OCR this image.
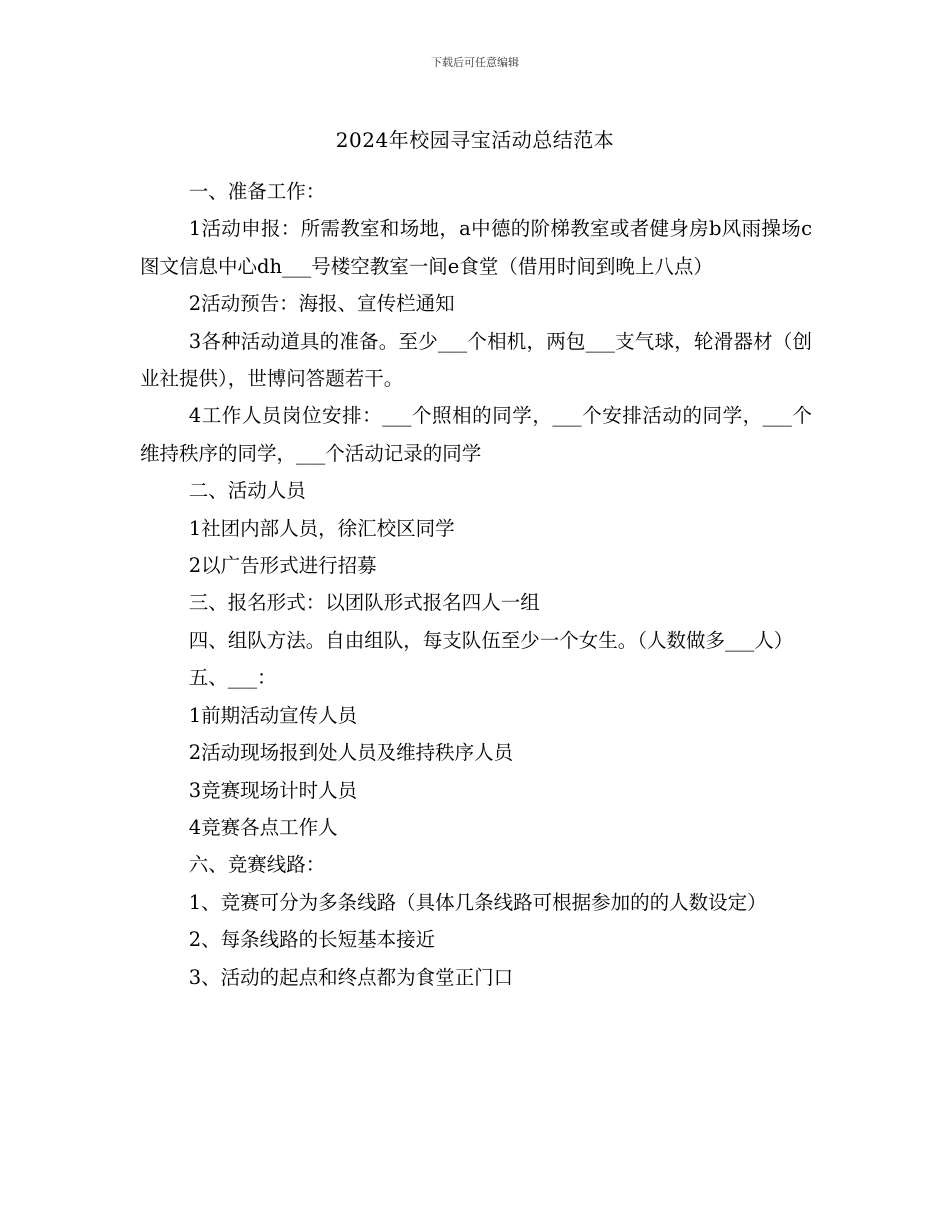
下载后可任意编辑
2024年校园寻宝活动总结范本

一、准备工作：

1活动申报：所需教室和场地，a中德的阶梯教室或者健身房b风雨操场c图文信息中心dh___号楼空教室一间e食堂（借用时间到晚上八点）

2活动预告：海报、宣传栏通知

3各种活动道具的准备。至少___个相机，两包___支气球，轮滑器材（创业社提供），世博问答题若干。

4工作人员岗位安排：___个照相的同学，___个安排活动的同学，___个维持秩序的同学，___个活动记录的同学

二、活动人员

1社团内部人员，徐汇校区同学

2以广告形式进行招募

三、报名形式：以团队形式报名四人一组

四、组队方法。自由组队，每支队伍至少一个女生。（人数做多___人）

五、___：

1前期活动宣传人员

2活动现场报到处人员及维持秩序人员

3竞赛现场计时人员

4竞赛各点工作人

六、竞赛线路：

1、竞赛可分为多条线路（具体几条线路可根据参加的的人数设定）

2、每条线路的长短基本接近

3、活动的起点和终点都为食堂正门口
